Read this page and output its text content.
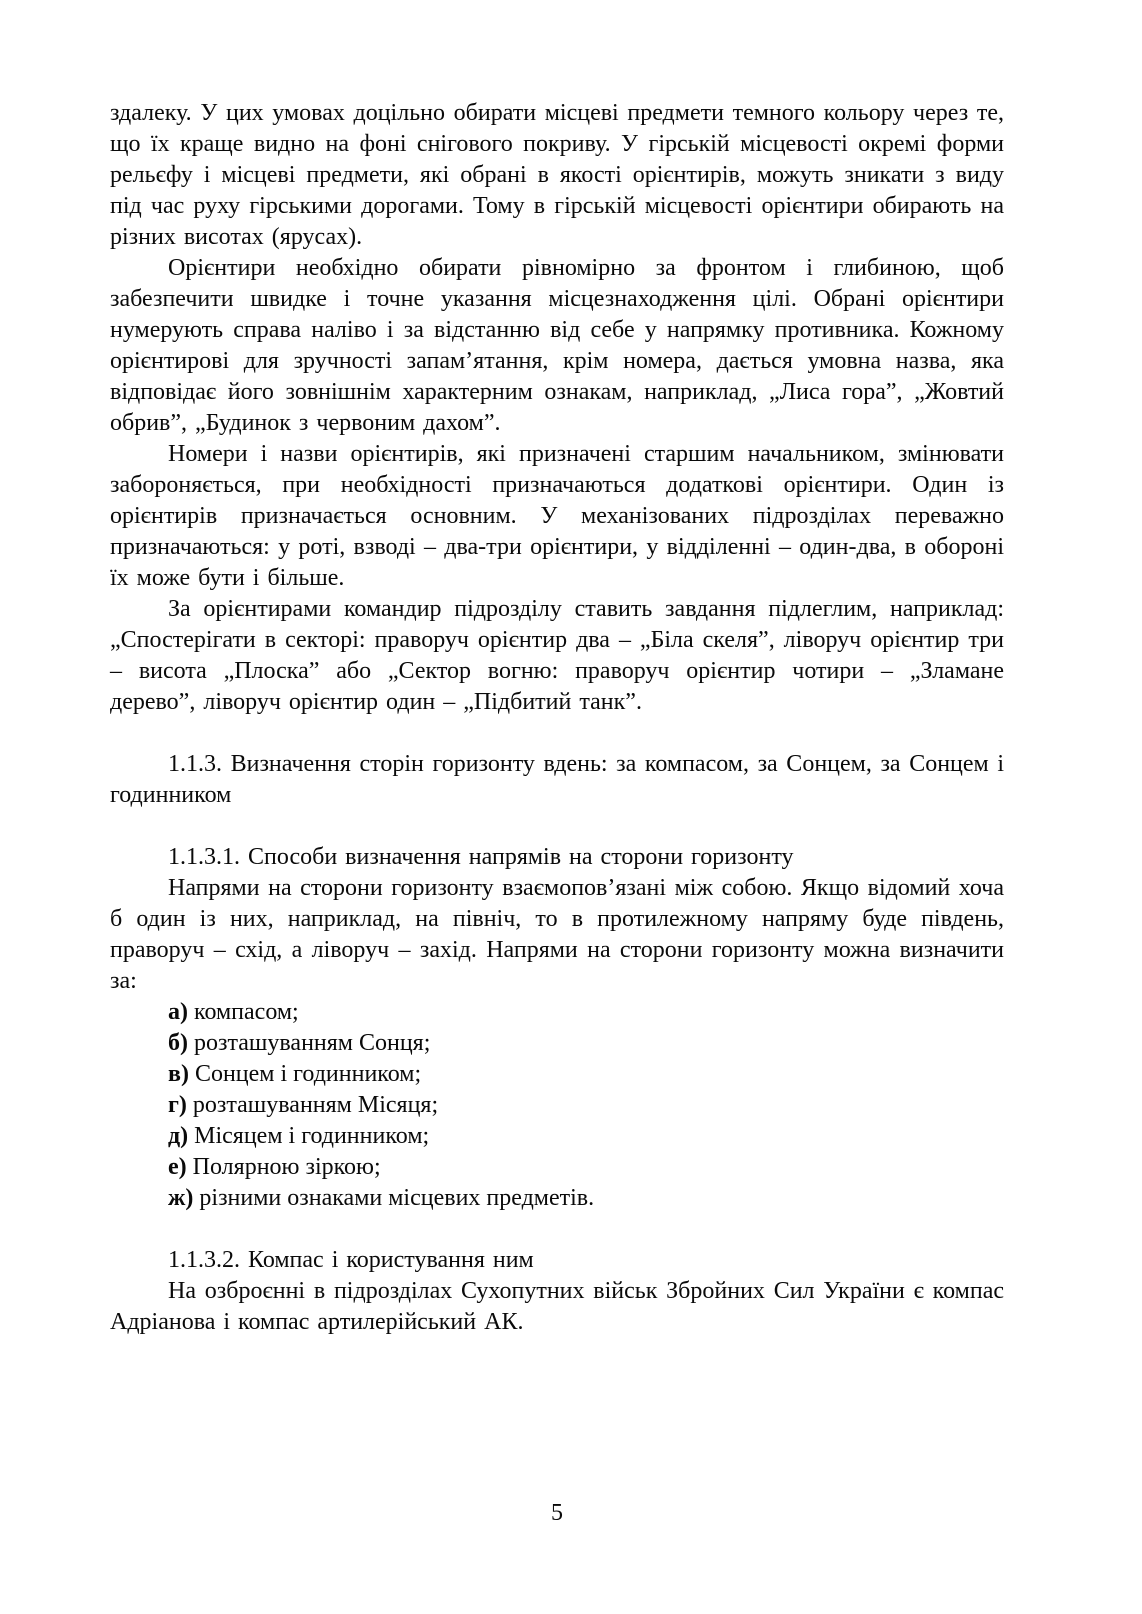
здалеку. У цих умовах доцільно обирати місцеві предмети темного кольору через те, що їх краще видно на фоні снігового покриву. У гірській місцевості окремі форми рельєфу і місцеві предмети, які обрані в якості орієнтирів, можуть зникати з виду під час руху гірськими дорогами. Тому в гірській місцевості орієнтири обирають на різних висотах (ярусах).

Орієнтири необхідно обирати рівномірно за фронтом і глибиною, щоб забезпечити швидке і точне указання місцезнаходження цілі. Обрані орієнтири нумерують справа наліво і за відстанню від себе у напрямку противника. Кожному орієнтирові для зручності запам’ятання, крім номера, дається умовна назва, яка відповідає його зовнішнім характерним ознакам, наприклад, „Лиса гора”, „Жовтий обрив”, „Будинок з червоним дахом”.

Номери і назви орієнтирів, які призначені старшим начальником, змінювати забороняється, при необхідності призначаються додаткові орієнтири. Один із орієнтирів призначається основним. У механізованих підрозділах переважно призначаються: у роті, взводі – два-три орієнтири, у відділенні – один-два, в обороні їх може бути і більше.

За орієнтирами командир підрозділу ставить завдання підлеглим, наприклад: „Спостерігати в секторі: праворуч орієнтир два – „Біла скеля”, ліворуч орієнтир три – висота „Плоска” або „Сектор вогню: праворуч орієнтир чотири – „Зламане дерево”, ліворуч орієнтир один – „Підбитий танк”.

1.1.3. Визначення сторін горизонту вдень: за компасом, за Сонцем, за Сонцем і годинником

1.1.3.1. Способи визначення напрямів на сторони горизонту

Напрями на сторони горизонту взаємопов’язані між собою. Якщо відомий хоча б один із них, наприклад, на північ, то в протилежному напряму буде південь, праворуч – схід, а ліворуч – захід. Напрями на сторони горизонту можна визначити за:

а) компасом;

б) розташуванням Сонця;

в) Сонцем і годинником;

г) розташуванням Місяця;

д) Місяцем і годинником;

е) Полярною зіркою;

ж) різними ознаками місцевих предметів.

1.1.3.2. Компас і користування ним

На озброєнні в підрозділах Сухопутних військ Збройних Сил України є компас Адріанова і компас артилерійський АК.

5
